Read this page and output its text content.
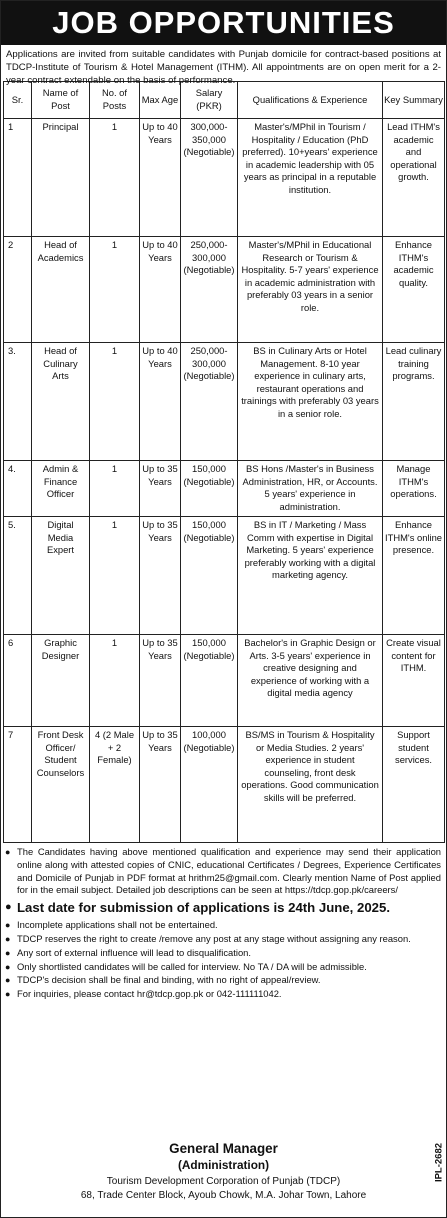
JOB OPPORTUNITIES

Applications are invited from suitable candidates with Punjab domicile for contract-based positions at TDCP-Institute of Tourism & Hotel Management (ITHM). All appointments are on open merit for a 2-year contract extendable on the basis of performance.

Sr.	Name of Post	No. of Posts	Max Age	Salary (PKR)	Qualifications & Experience	Key Summary
1	Principal	1	Up to 40 Years	300,000-350,000 (Negotiable)	Master's/MPhil in Tourism / Hospitality / Education (PhD preferred). 10+years' experience in academic leadership with 05 years as principal in a reputable institution.	Lead ITHM's academic and operational growth.
2	Head of Academics	1	Up to 40 Years	250,000-300,000 (Negotiable)	Master's/MPhil in Educational Research or Tourism & Hospitality. 5-7 years' experience in academic administration with preferably 03 years in a senior role.	Enhance ITHM's academic quality.
3.	Head of Culinary Arts	1	Up to 40 Years	250,000-300,000 (Negotiable)	BS in Culinary Arts or Hotel Management. 8-10 year experience in culinary arts, restaurant operations and trainings with preferably 03 years in a senior role.	Lead culinary training programs.
4.	Admin & Finance Officer	1	Up to 35 Years	150,000 (Negotiable)	BS Hons /Master's in Business Administration, HR, or Accounts. 5 years' experience in administration.	Manage ITHM's operations.
5.	Digital Media Expert	1	Up to 35 Years	150,000 (Negotiable)	BS in IT / Marketing / Mass Comm with expertise in Digital Marketing. 5 years' experience preferably working with a digital marketing agency.	Enhance ITHM's online presence.
6	Graphic Designer	1	Up to 35 Years	150,000 (Negotiable)	Bachelor's in Graphic Design or Arts. 3-5 years' experience in creative designing and experience of working with a digital media agency	Create visual content for ITHM.
7	Front Desk Officer/ Student Counselors	4 (2 Male + 2 Female)	Up to 35 Years	100,000 (Negotiable)	BS/MS in Tourism & Hospitality or Media Studies. 2 years' experience in student counseling, front desk operations. Good communication skills will be preferred.	Support student services.
● The Candidates having above mentioned qualification and experience may send their application online along with attested copies of CNIC, educational Certificates / Degrees, Experience Certificates and Domicile of Punjab in PDF format at hrithm25@gmail.com. Clearly mention Name of Post applied for in the email subject. Detailed job descriptions can be seen at https://tdcp.gop.pk/careers/
● Last date for submission of applications is 24th June, 2025.
● Incomplete applications shall not be entertained.
● TDCP reserves the right to create /remove any post at any stage without assigning any reason.
● Any sort of external influence will lead to disqualification.
● Only shortlisted candidates will be called for interview. No TA / DA will be admissible.
● TDCP's decision shall be final and binding, with no right of appeal/review.
● For inquiries, please contact hr@tdcp.gop.pk or 042-111111042.
General Manager
(Administration)
Tourism Development Corporation of Punjab (TDCP)
68, Trade Center Block, Ayoub Chowk, M.A. Johar Town, Lahore
IPL-2682
